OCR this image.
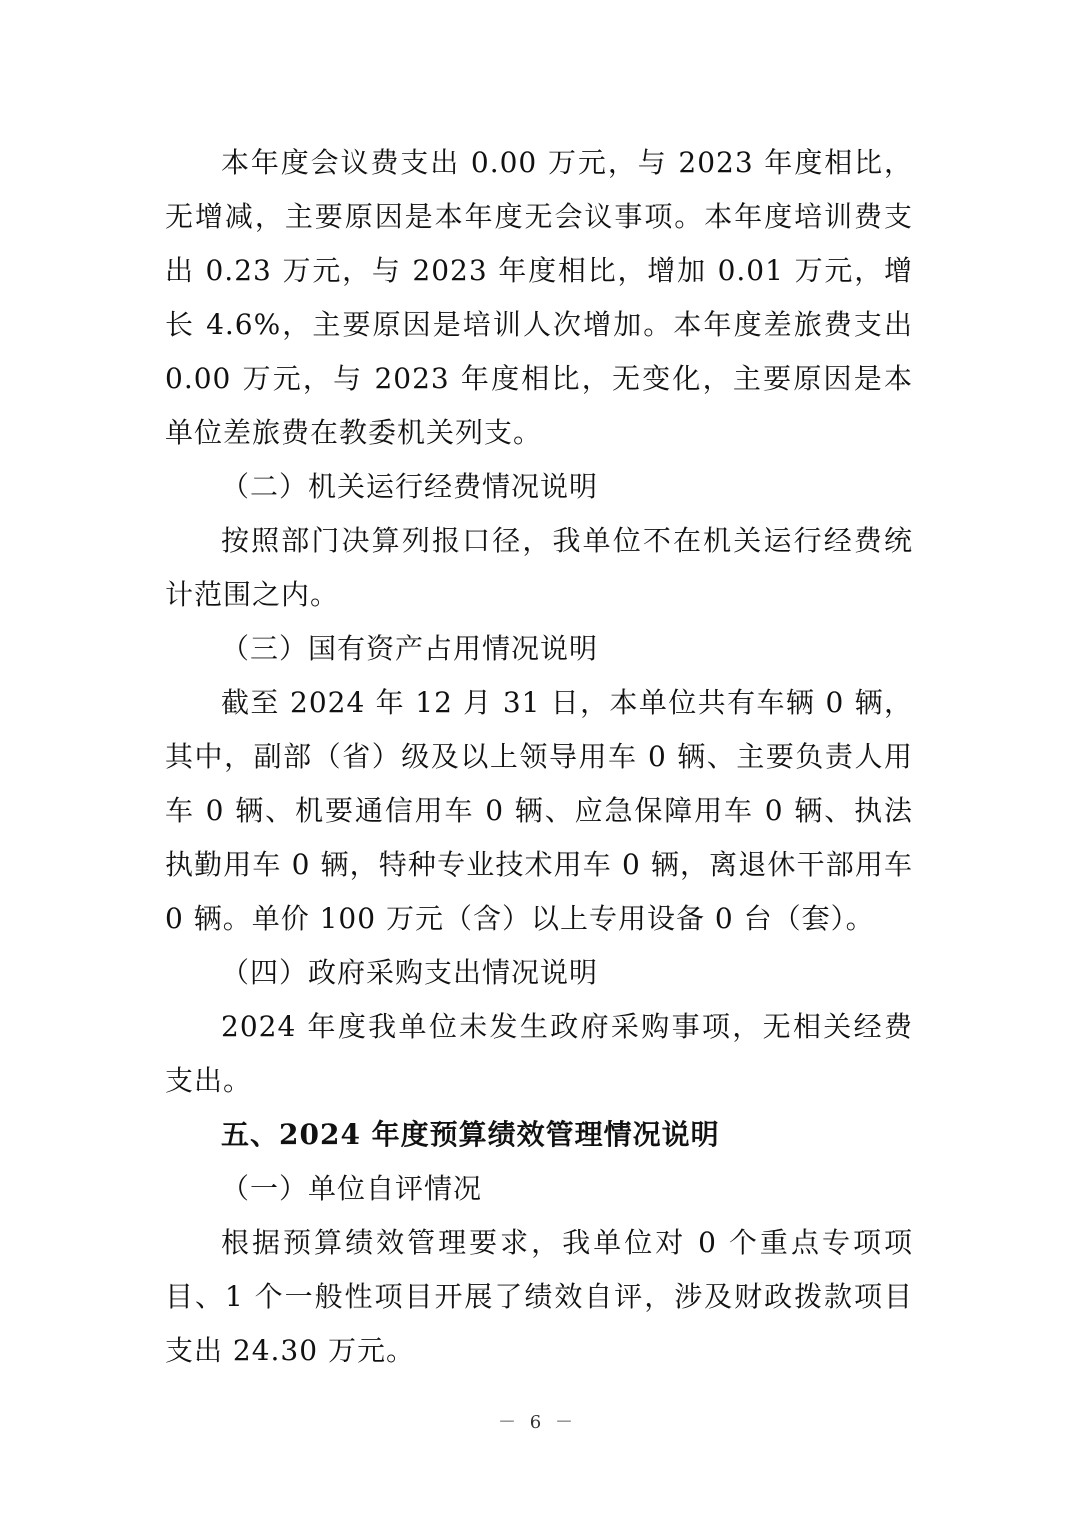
本年度会议费支出 0.00 万元，与 2023 年度相比，无增减，主要原因是本年度无会议事项。本年度培训费支出 0.23 万元，与 2023 年度相比，增加 0.01 万元，增长 4.6%，主要原因是培训人次增加。本年度差旅费支出 0.00 万元，与 2023 年度相比，无变化，主要原因是本单位差旅费在教委机关列支。

（二）机关运行经费情况说明

按照部门决算列报口径，我单位不在机关运行经费统计范围之内。

（三）国有资产占用情况说明

截至 2024 年 12 月 31 日，本单位共有车辆 0 辆，其中，副部（省）级及以上领导用车 0 辆、主要负责人用车 0 辆、机要通信用车 0 辆、应急保障用车 0 辆、执法执勤用车 0 辆，特种专业技术用车 0 辆，离退休干部用车 0 辆。单价 100 万元（含）以上专用设备 0 台（套）。

（四）政府采购支出情况说明

2024 年度我单位未发生政府采购事项，无相关经费支出。

五、2024 年度预算绩效管理情况说明

（一）单位自评情况

根据预算绩效管理要求，我单位对 0 个重点专项项目、1 个一般性项目开展了绩效自评，涉及财政拨款项目支出 24.30 万元。

－ 6 －
